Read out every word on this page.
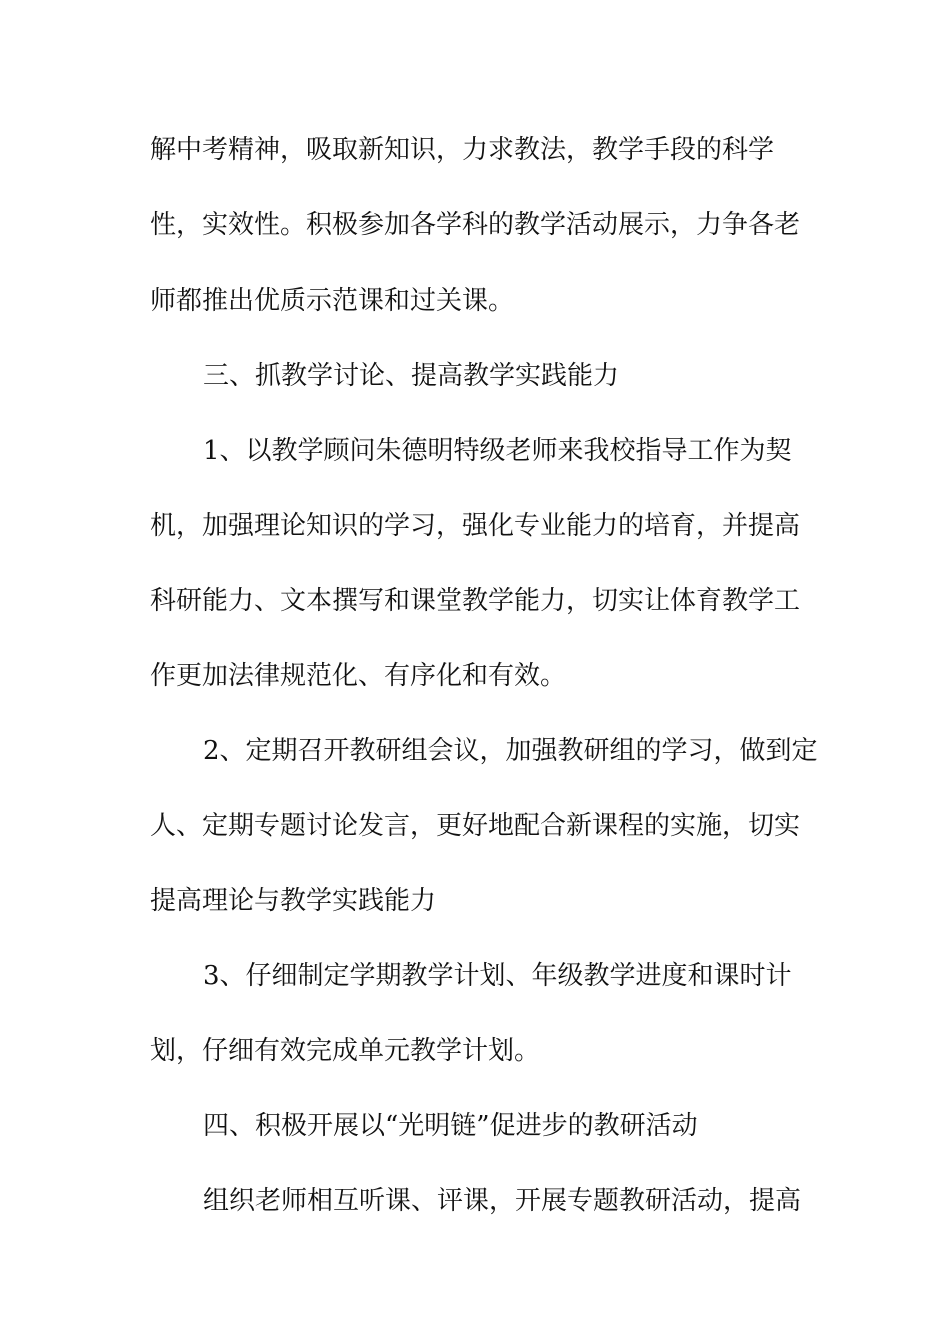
解中考精神，吸取新知识，力求教法，教学手段的科学
性，实效性。积极参加各学科的教学活动展示，力争各老
师都推出优质示范课和过关课。
三、抓教学讨论、提高教学实践能力
1、以教学顾问朱德明特级老师来我校指导工作为契
机，加强理论知识的学习，强化专业能力的培育，并提高
科研能力、文本撰写和课堂教学能力，切实让体育教学工
作更加法律规范化、有序化和有效。
2、定期召开教研组会议，加强教研组的学习，做到定
人、定期专题讨论发言，更好地配合新课程的实施，切实
提高理论与教学实践能力
3、仔细制定学期教学计划、年级教学进度和课时计
划，仔细有效完成单元教学计划。
四、积极开展以“光明链”促进步的教研活动
组织老师相互听课、评课，开展专题教研活动，提高
